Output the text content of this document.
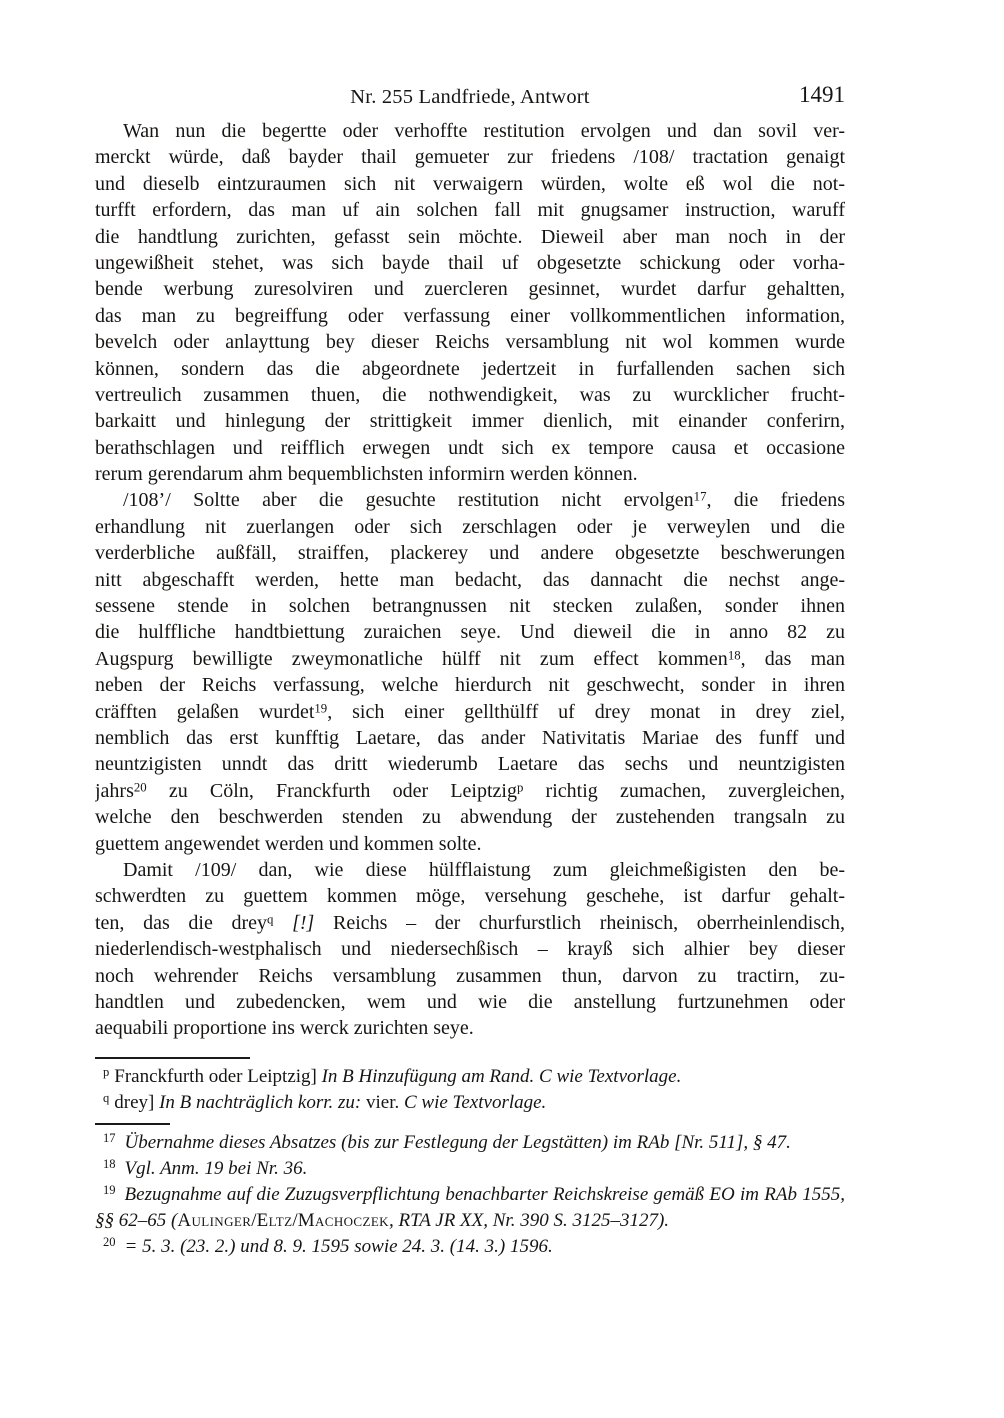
Nr. 255 Landfriede, Antwort	1491
Wan nun die begertte oder verhoffte restitution ervolgen und dan sovil ver-
merckt würde, daß bayder thail gemueter zur friedens /108/ tractation genaigt
und dieselb eintzuraumen sich nit verwaigern würden, wolte eß wol die not-
turfft erfordern, das man uf ain solchen fall mit gnugsamer instruction, waruff
die handtlung zurichten, gefasst sein möchte. Dieweil aber man noch in der
ungewißheit stehet, was sich bayde thail uf obgesetzte schickung oder vorha-
bende werbung zuresolviren und zuercleren gesinnet, wurdet darfur gehaltten,
das man zu begreiffung oder verfassung einer vollkommentlichen information,
bevelch oder anlayttung bey dieser Reichs versamblung nit wol kommen wurde
können, sondern das die abgeordnete jedertzeit in furfallenden sachen sich
vertreulich zusammen thuen, die nothwendigkeit, was zu wurcklicher frucht-
barkaitt und hinlegung der strittigkeit immer dienlich, mit einander conferirn,
berathschlagen und reifflich erwegen undt sich ex tempore causa et occasione
rerum gerendarum ahm bequemblichsten informirn werden können.
/108’/ Soltte aber die gesuchte restitution nicht ervolgen$^{17}$, die friedens
erhandlung nit zuerlangen oder sich zerschlagen oder je verweylen und die
verderbliche außfäll, straiffen, plackerey und andere obgesetzte beschwerungen
nitt abgeschafft werden, hette man bedacht, das dannacht die nechst ange-
sessene stende in solchen betrangnussen nit stecken zulaßen, sonder ihnen
die hulffliche handtbiettung zuraichen seye. Und dieweil die in anno 82 zu
Augspurg bewilligte zweymonatliche hülff nit zum effect kommen$^{18}$, das man
neben der Reichs verfassung, welche hierdurch nit geschwecht, sonder in ihren
cräfften gelaßen wurdet$^{19}$, sich einer gellthülff uf drey monat in drey ziel,
nemblich das erst kunfftig Laetare, das ander Nativitatis Mariae des funff und
neuntzigisten unndt das dritt wiederumb Laetare das sechs und neuntzigisten
jahrs$^{20}$ zu Cöln, Franckfurth oder Leiptzig$^p$ richtig zumachen, zuvergleichen,
welche den beschwerden stenden zu abwendung der zustehenden trangsaln zu
guettem angewendet werden und kommen solte.
Damit /109/ dan, wie diese hülfflaistung zum gleichmeßigisten den be-
schwerdten zu guettem kommen möge, versehung geschehe, ist darfur gehalt-
ten, das die drey$^q$ [!] Reichs – der churfurstlich rheinisch, oberrheinlendisch,
niederlendisch-westphalisch und niedersechßisch – krayß sich alhier bey dieser
noch wehrender Reichs versamblung zusammen thun, darvon zu tractirn, zu-
handtlen und zubedencken, wem und wie die anstellung furtzunehmen oder
aequabili proportione ins werck zurichten seye.
$^p$ Franckfurth oder Leiptzig] In B Hinzufügung am Rand. C wie Textvorlage.
$^q$ drey] In B nachträglich korr. zu: vier. C wie Textvorlage.
$^{17}$ Übernahme dieses Absatzes (bis zur Festlegung der Legstätten) im RAb [Nr. 511], § 47.
$^{18}$ Vgl. Anm. 19 bei Nr. 36.
$^{19}$ Bezugnahme auf die Zuzugsverpflichtung benachbarter Reichskreise gemäß EO im RAb 1555,
§§ 62–65 (Aulinger/Eltz/Machoczek, RTA JR XX, Nr. 390 S. 3125–3127).
$^{20}$ = 5. 3. (23. 2.) und 8. 9. 1595 sowie 24. 3. (14. 3.) 1596.
